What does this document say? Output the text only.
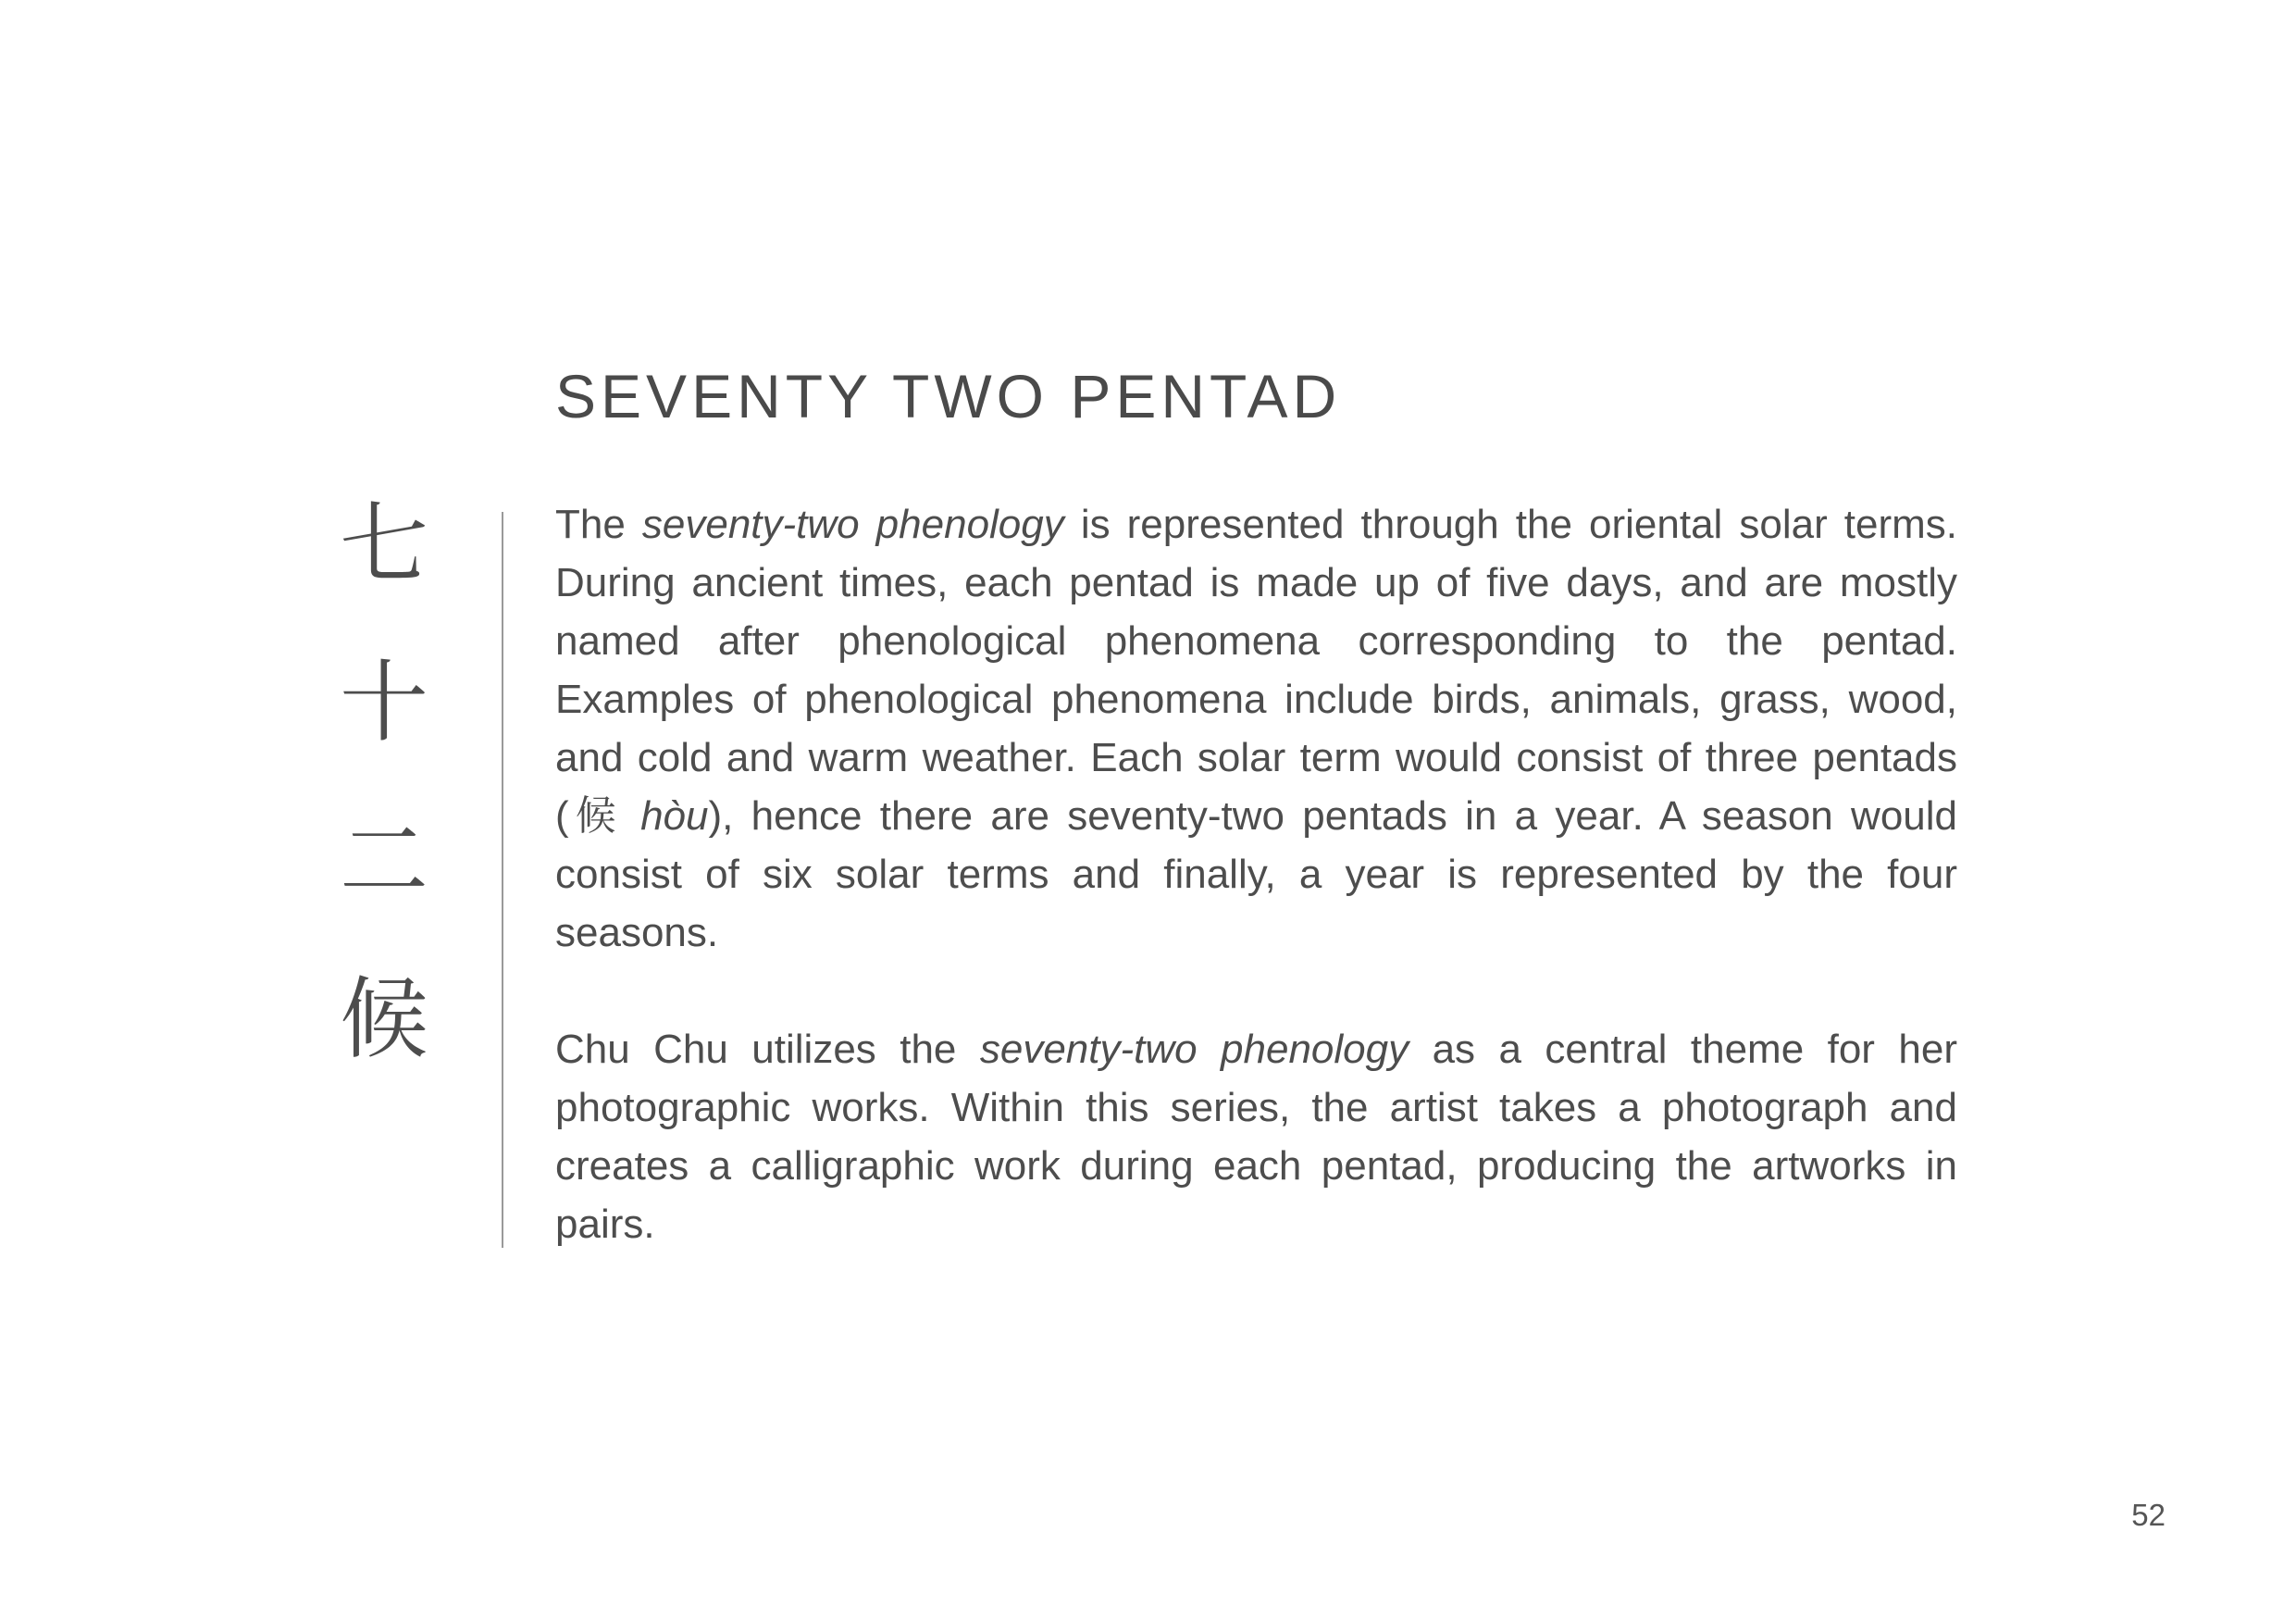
SEVENTY TWO PENTAD
七
十
二
候

The seventy-two phenology is represented through the oriental solar terms. During ancient times, each pentad is made up of five days, and are mostly named after phenological phenomena corresponding to the pentad. Examples of phenological phenomena include birds, animals, grass, wood, and cold and warm weather. Each solar term would consist of three pentads (候 hòu), hence there are seventy-two pentads in a year. A season would consist of six solar terms and finally, a year is represented by the four seasons.

Chu Chu utilizes the seventy-two phenology as a central theme for her photographic works. Within this series, the artist takes a photograph and creates a calligraphic work during each pentad, producing the artworks in pairs.

52
